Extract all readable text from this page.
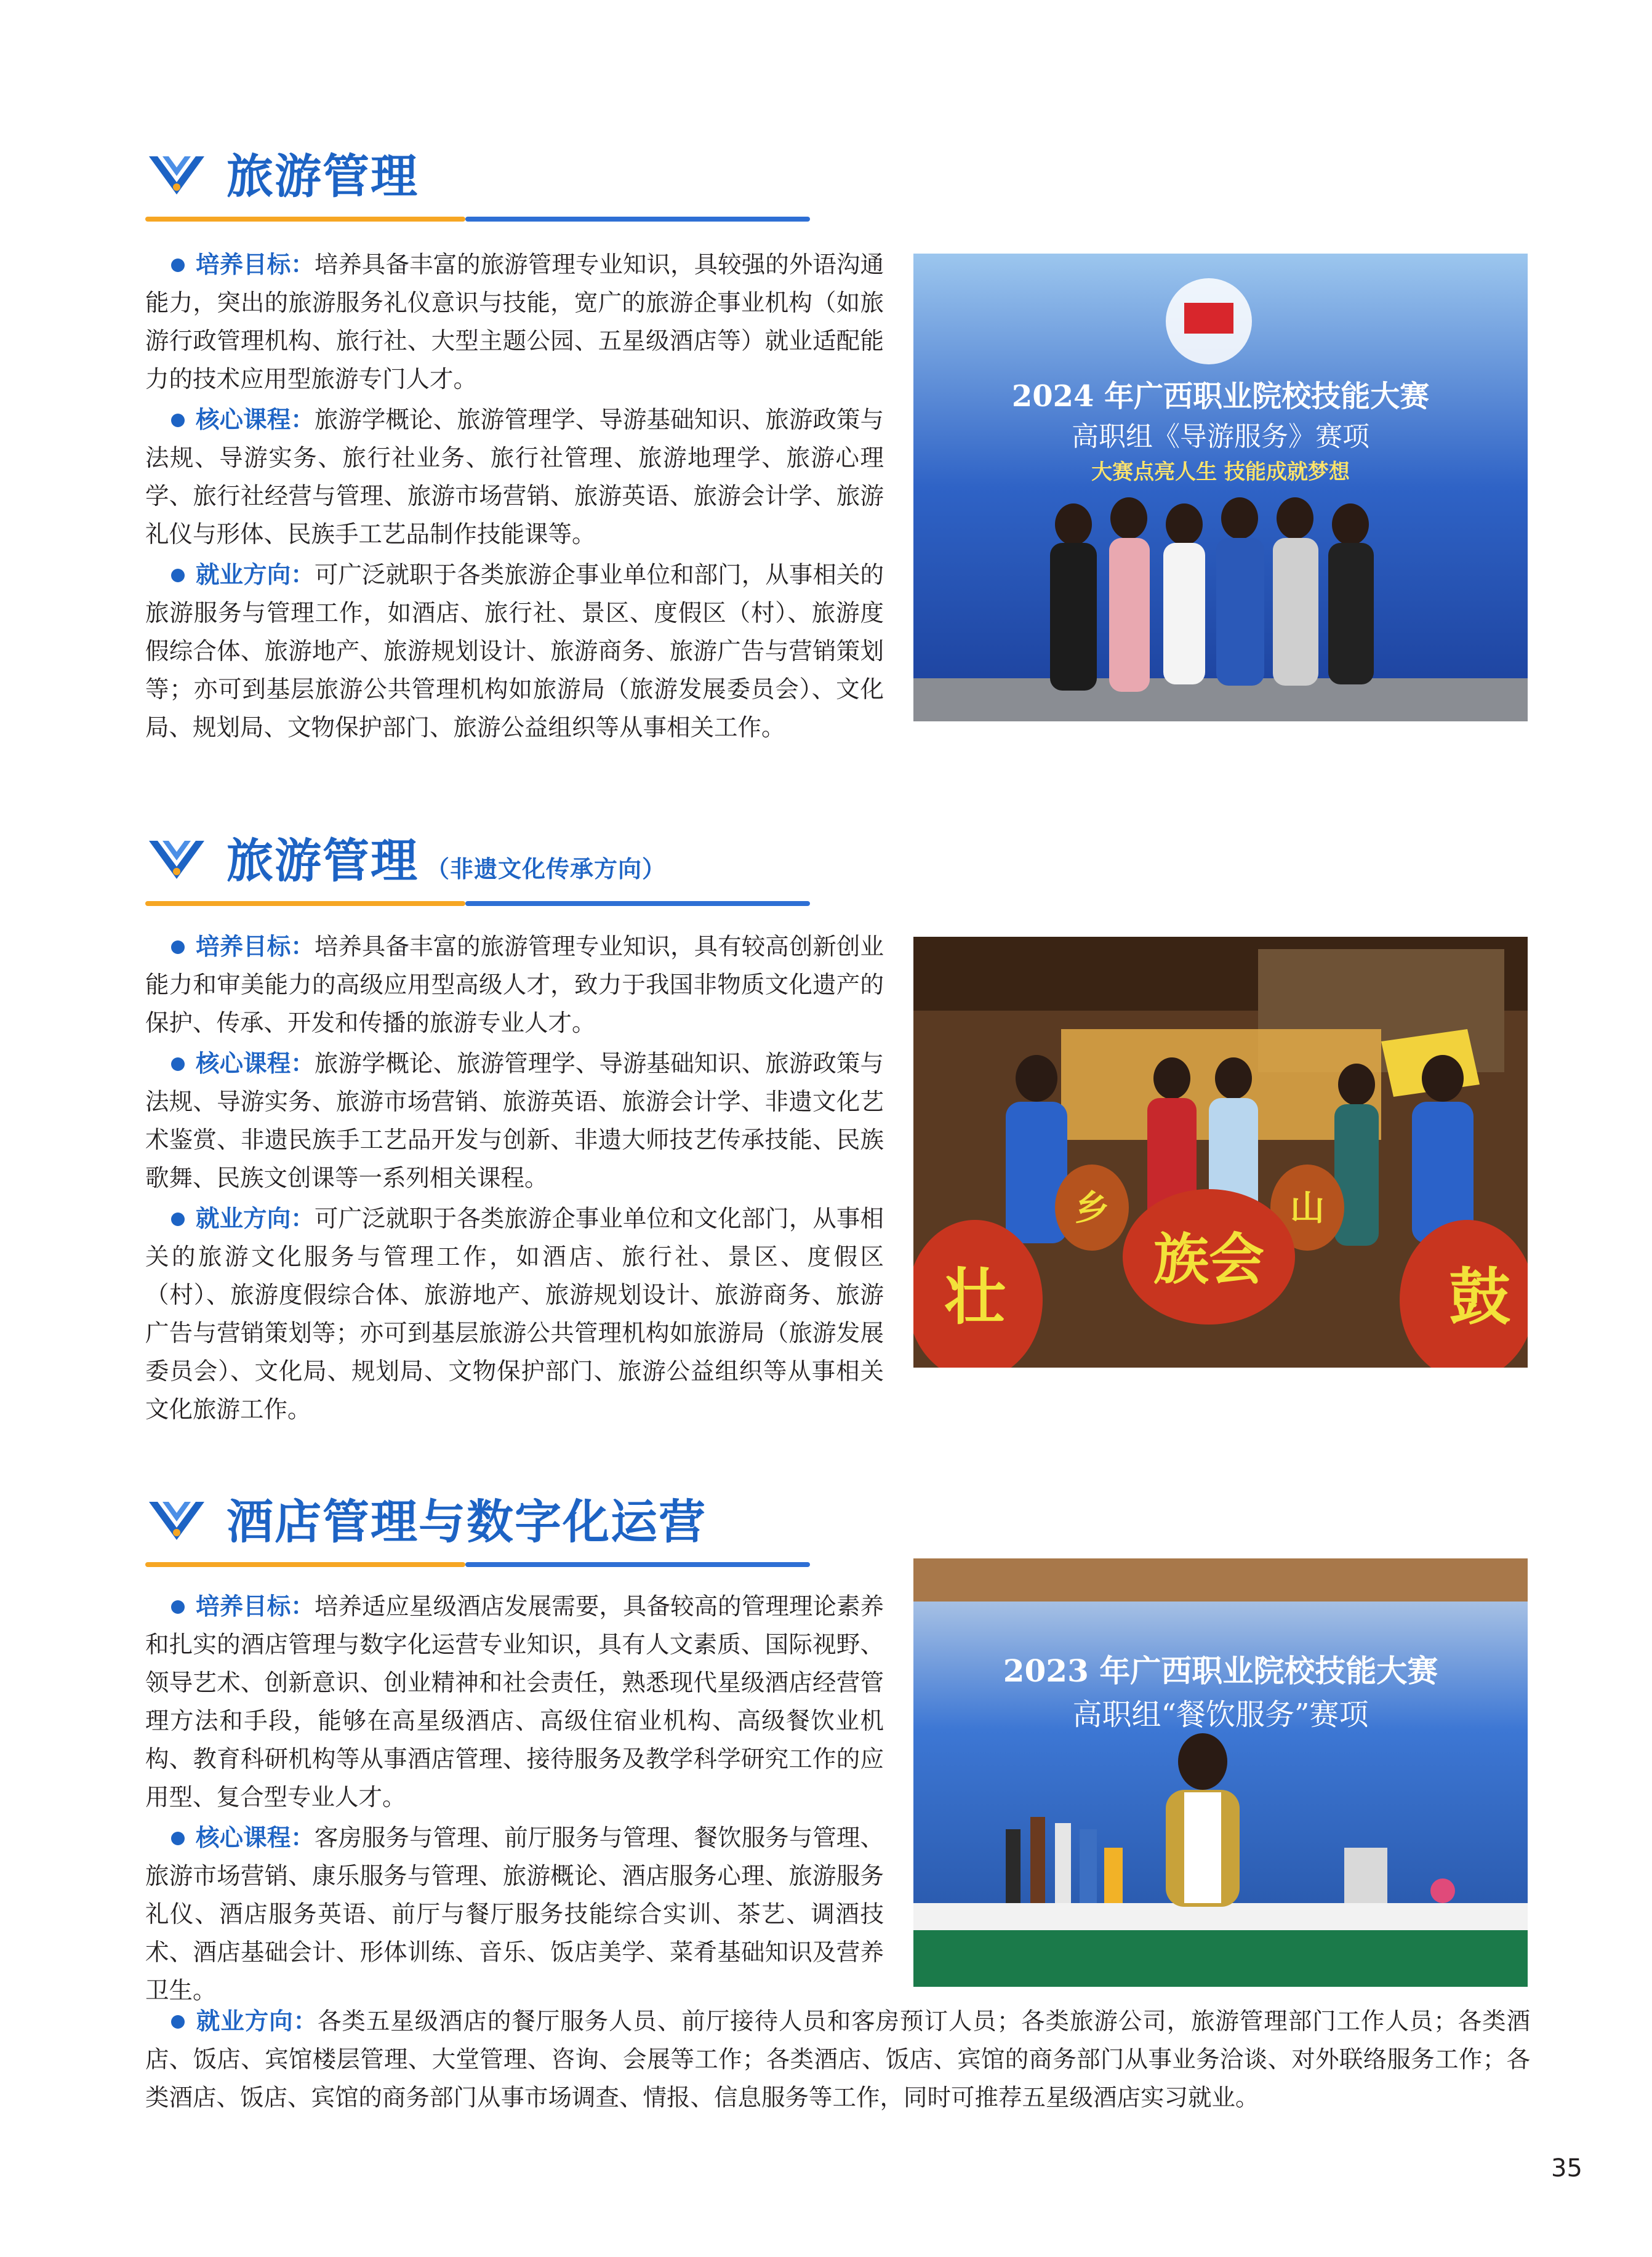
旅游管理

培养目标：培养具备丰富的旅游管理专业知识，具较强的外语沟通能力，突出的旅游服务礼仪意识与技能，宽广的旅游企事业机构（如旅游行政管理机构、旅行社、大型主题公园、五星级酒店等）就业适配能力的技术应用型旅游专门人才。

核心课程：旅游学概论、旅游管理学、导游基础知识、旅游政策与法规、导游实务、旅行社业务、旅行社管理、旅游地理学、旅游心理学、旅行社经营与管理、旅游市场营销、旅游英语、旅游会计学、旅游礼仪与形体、民族手工艺品制作技能课等。

就业方向：可广泛就职于各类旅游企事业单位和部门，从事相关的旅游服务与管理工作，如酒店、旅行社、景区、度假区（村）、旅游度假综合体、旅游地产、旅游规划设计、旅游商务、旅游广告与营销策划等；亦可到基层旅游公共管理机构如旅游局（旅游发展委员会）、文化局、规划局、文物保护部门、旅游公益组织等从事相关工作。

2024 年广西职业院校技能大赛
高职组《导游服务》赛项
大赛点亮人生 技能成就梦想
旅游管理 （非遗文化传承方向）

培养目标：培养具备丰富的旅游管理专业知识，具有较高创新创业能力和审美能力的高级应用型高级人才，致力于我国非物质文化遗产的保护、传承、开发和传播的旅游专业人才。

核心课程：旅游学概论、旅游管理学、导游基础知识、旅游政策与法规、导游实务、旅游市场营销、旅游英语、旅游会计学、非遗文化艺术鉴赏、非遗民族手工艺品开发与创新、非遗大师技艺传承技能、民族歌舞、民族文创课等一系列相关课程。

就业方向：可广泛就职于各类旅游企事业单位和文化部门，从事相关的旅游文化服务与管理工作，如酒店、旅行社、景区、度假区（村）、旅游度假综合体、旅游地产、旅游规划设计、旅游商务、旅游广告与营销策划等；亦可到基层旅游公共管理机构如旅游局（旅游发展委员会）、文化局、规划局、文物保护部门、旅游公益组织等从事相关文化旅游工作。

乡	山
壮
族会
鼓
酒店管理与数字化运营

培养目标：培养适应星级酒店发展需要，具备较高的管理理论素养和扎实的酒店管理与数字化运营专业知识，具有人文素质、国际视野、领导艺术、创新意识、创业精神和社会责任，熟悉现代星级酒店经营管理方法和手段，能够在高星级酒店、高级住宿业机构、高级餐饮业机构、教育科研机构等从事酒店管理、接待服务及教学科学研究工作的应用型、复合型专业人才。

核心课程：客房服务与管理、前厅服务与管理、餐饮服务与管理、旅游市场营销、康乐服务与管理、旅游概论、酒店服务心理、旅游服务礼仪、酒店服务英语、前厅与餐厅服务技能综合实训、茶艺、调酒技术、酒店基础会计、形体训练、音乐、饭店美学、菜肴基础知识及营养卫生。

就业方向：各类五星级酒店的餐厅服务人员、前厅接待人员和客房预订人员；各类旅游公司，旅游管理部门工作人员；各类酒店、饭店、宾馆楼层管理、大堂管理、咨询、会展等工作；各类酒店、饭店、宾馆的商务部门从事业务洽谈、对外联络服务工作；各类酒店、饭店、宾馆的商务部门从事市场调查、情报、信息服务等工作，同时可推荐五星级酒店实习就业。

2023 年广西职业院校技能大赛
高职组“餐饮服务”赛项
35
